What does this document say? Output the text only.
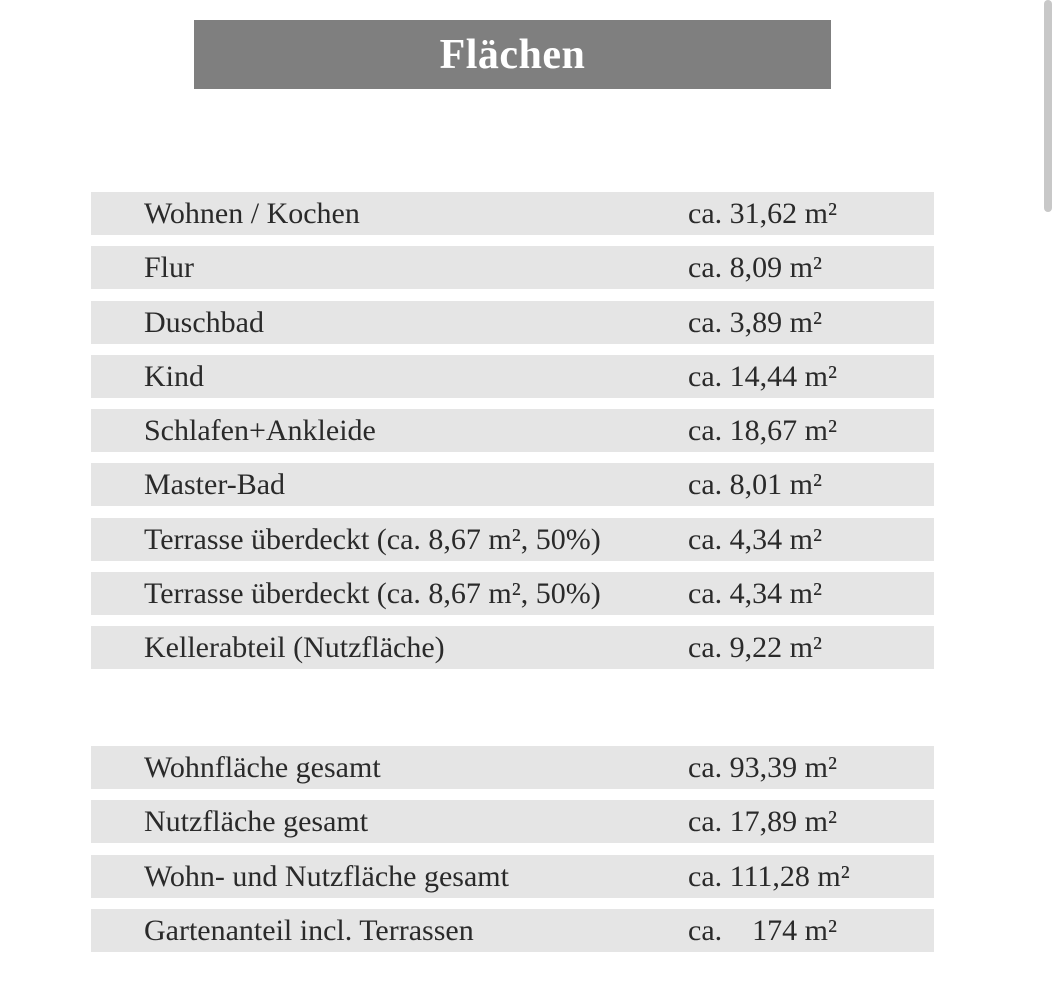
Flächen
Wohnen / Kochen	ca. 31,62 m²
Flur	ca. 8,09 m²
Duschbad	ca. 3,89 m²
Kind	ca. 14,44 m²
Schlafen+Ankleide	ca. 18,67 m²
Master-Bad	ca. 8,01 m²
Terrasse überdeckt (ca. 8,67 m², 50%)	ca. 4,34 m²
Terrasse überdeckt (ca. 8,67 m², 50%)	ca. 4,34 m²
Kellerabteil (Nutzfläche)	ca. 9,22 m²
Wohnfläche gesamt	ca. 93,39 m²
Nutzfläche gesamt	ca. 17,89 m²
Wohn- und Nutzfläche gesamt	ca. 111,28 m²
Gartenanteil incl. Terrassen	ca.    174 m²
